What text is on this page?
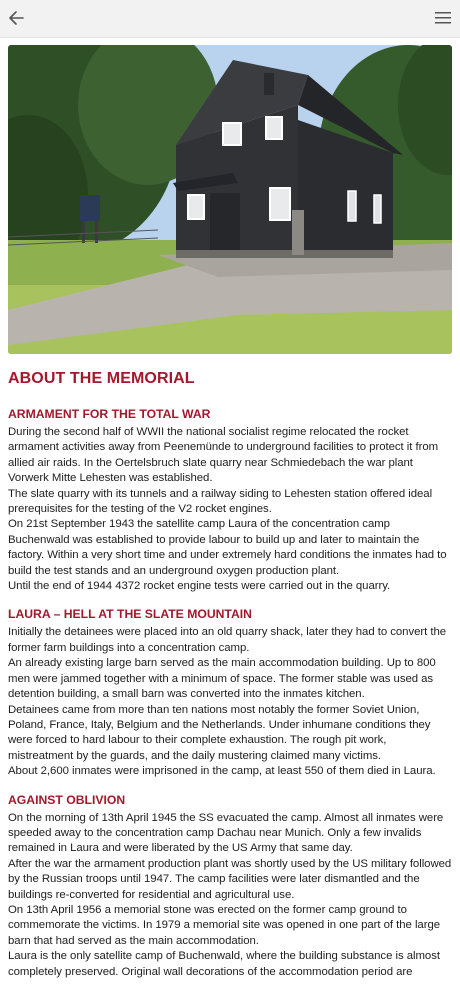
ABOUT THE MEMORIAL
ARMAMENT FOR THE TOTAL WAR

During the second half of WWII the national socialist regime relocated the rocket armament activities away from Peenemünde to underground facilities to protect it from allied air raids. In the Oertelsbruch slate quarry near Schmiedebach the war plant Vorwerk Mitte Lehesten was established.

The slate quarry with its tunnels and a railway siding to Lehesten station offered ideal prerequisites for the testing of the V2 rocket engines.

On 21st September 1943 the satellite camp Laura of the concentration camp Buchenwald was established to provide labour to build up and later to maintain the factory. Within a very short time and under extremely hard conditions the inmates had to build the test stands and an underground oxygen production plant.

Until the end of 1944 4372 rocket engine tests were carried out in the quarry.

LAURA – HELL AT THE SLATE MOUNTAIN

Initially the detainees were placed into an old quarry shack, later they had to convert the former farm buildings into a concentration camp.

An already existing large barn served as the main accommodation building. Up to 800 men were jammed together with a minimum of space. The former stable was used as detention building, a small barn was converted into the inmates kitchen.

Detainees came from more than ten nations most notably the former Soviet Union, Poland, France, Italy, Belgium and the Netherlands. Under inhumane conditions they were forced to hard labour to their complete exhaustion. The rough pit work, mistreatment by the guards, and the daily mustering claimed many victims.

About 2,600 inmates were imprisoned in the camp, at least 550 of them died in Laura.

AGAINST OBLIVION

On the morning of 13th April 1945 the SS evacuated the camp. Almost all inmates were speeded away to the concentration camp Dachau near Munich. Only a few invalids remained in Laura and were liberated by the US Army that same day.

After the war the armament production plant was shortly used by the US military followed by the Russian troops until 1947. The camp facilities were later dismantled and the buildings re-converted for residential and agricultural use.

On 13th April 1956 a memorial stone was erected on the former camp ground to commemorate the victims. In 1979 a memorial site was opened in one part of the large barn that had served as the main accommodation.

Laura is the only satellite camp of Buchenwald, where the building substance is almost completely preserved. Original wall decorations of the accommodation period are
